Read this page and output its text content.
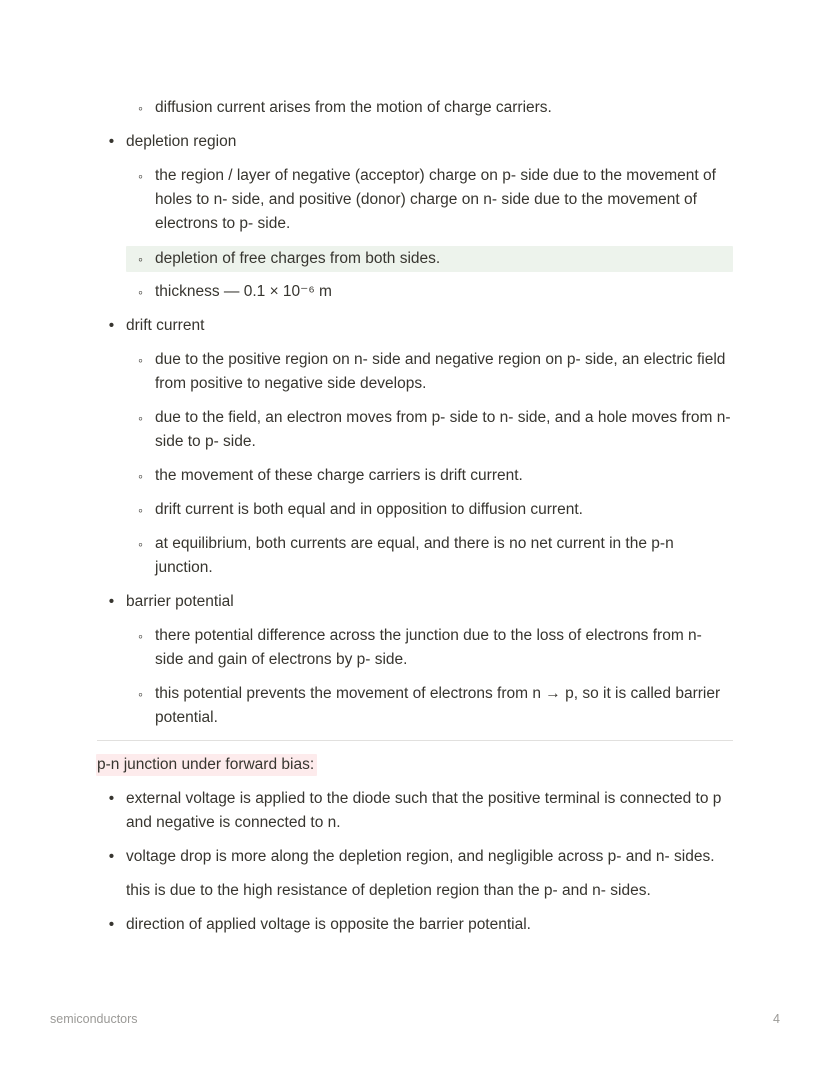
◦ diffusion current arises from the motion of charge carriers.
• depletion region
◦ the region / layer of negative (acceptor) charge on p- side due to the movement of holes to n- side, and positive (donor) charge on n- side due to the movement of electrons to p- side.
◦ depletion of free charges from both sides.
◦ thickness — 0.1 × 10⁻⁶ m
• drift current
◦ due to the positive region on n- side and negative region on p- side, an electric field from positive to negative side develops.
◦ due to the field, an electron moves from p- side to n- side, and a hole moves from n- side to p- side.
◦ the movement of these charge carriers is drift current.
◦ drift current is both equal and in opposition to diffusion current.
◦ at equilibrium, both currents are equal, and there is no net current in the p-n junction.
• barrier potential
◦ there potential difference across the junction due to the loss of electrons from n- side and gain of electrons by p- side.
◦ this potential prevents the movement of electrons from n → p, so it is called barrier potential.
p-n junction under forward bias:
• external voltage is applied to the diode such that the positive terminal is connected to p and negative is connected to n.
• voltage drop is more along the depletion region, and negligible across p- and n- sides.
this is due to the high resistance of depletion region than the p- and n- sides.
• direction of applied voltage is opposite the barrier potential.
semiconductors	4
